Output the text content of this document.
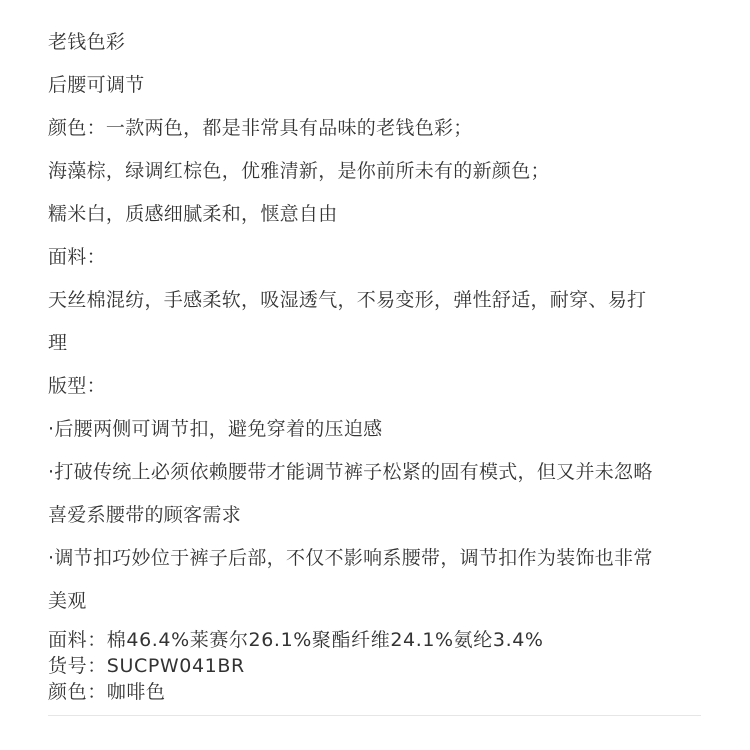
老钱色彩
后腰可调节
颜色：一款两色，都是非常具有品味的老钱色彩；
海藻棕，绿调红棕色，优雅清新，是你前所未有的新颜色；
糯米白，质感细腻柔和，惬意自由
面料：
天丝棉混纺，手感柔软，吸湿透气，不易变形，弹性舒适，耐穿、易打
理
版型：
·后腰两侧可调节扣，避免穿着的压迫感
·打破传统上必须依赖腰带才能调节裤子松紧的固有模式，但又并未忽略
喜爱系腰带的顾客需求
·调节扣巧妙位于裤子后部，不仅不影响系腰带，调节扣作为装饰也非常
美观
面料：棉46.4%莱赛尔26.1%聚酯纤维24.1%氨纶3.4%
货号：SUCPW041BR
颜色：咖啡色
